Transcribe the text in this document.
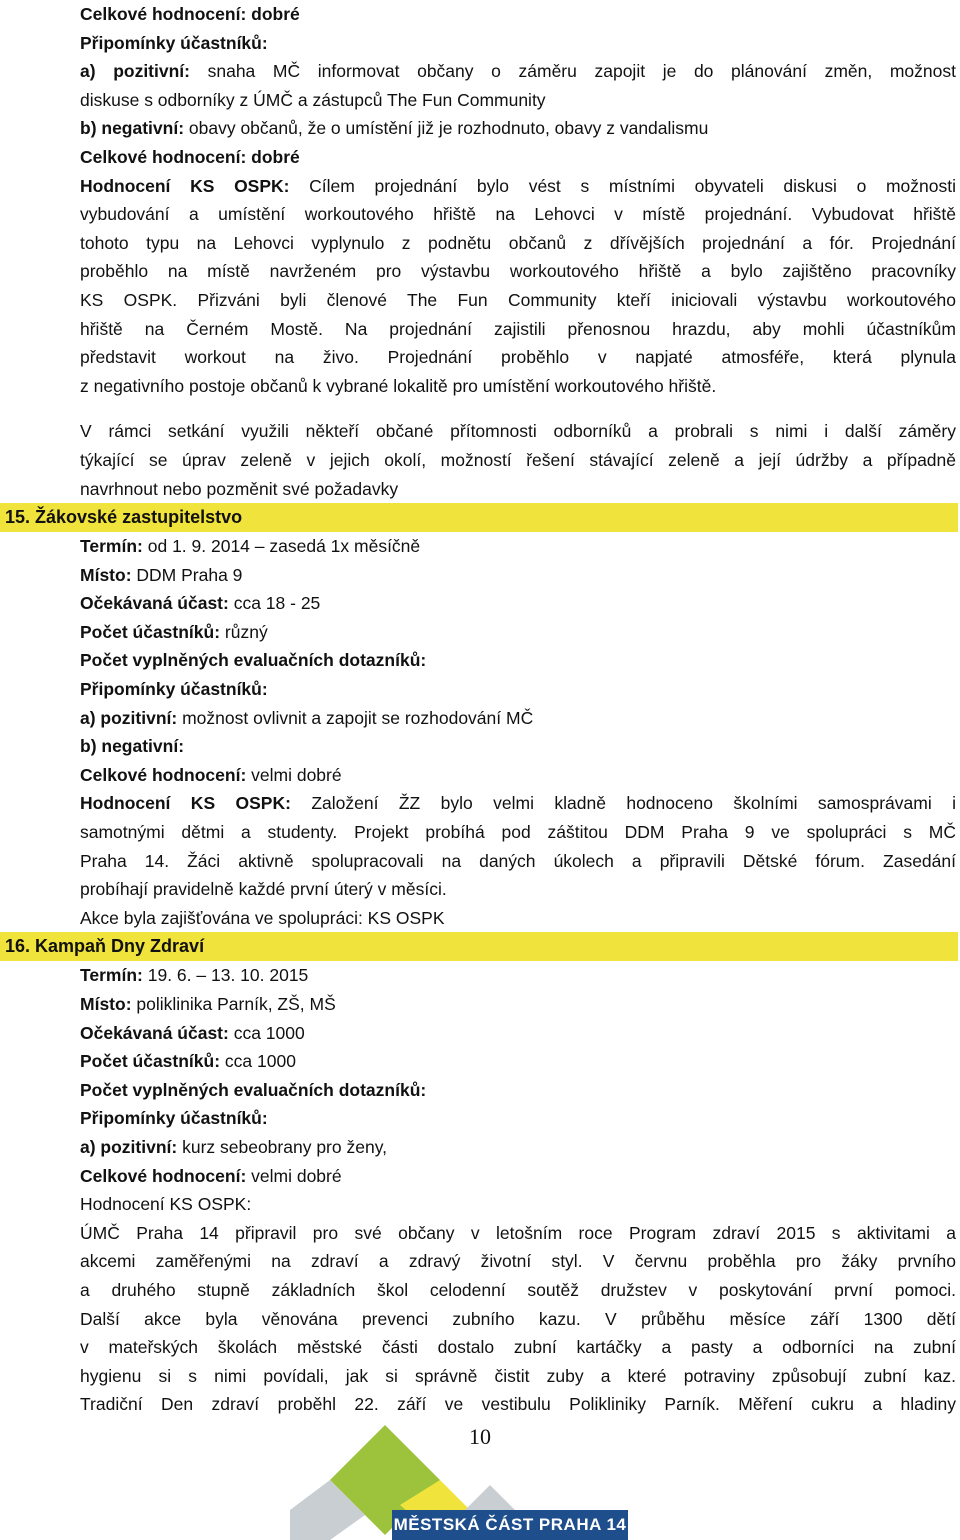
Celkové hodnocení: dobré
Připomínky účastníků:
a) pozitivní: snaha MČ informovat občany o záměru zapojit je do plánování změn, možnost
diskuse s odborníky z ÚMČ a zástupců The Fun Community
b) negativní: obavy občanů, že o umístění již je rozhodnuto, obavy z vandalismu
Celkové hodnocení: dobré
Hodnocení KS OSPK: Cílem projednání bylo vést s místními obyvateli diskusi o možnosti
vybudování a umístění workoutového hřiště na Lehovci v místě projednání. Vybudovat hřiště
tohoto typu na Lehovci vyplynulo z podnětu občanů z dřívějších projednání a fór. Projednání
proběhlo na místě navrženém pro výstavbu workoutového hřiště a bylo zajištěno pracovníky
KS OSPK. Přizváni byli členové The Fun Community kteří iniciovali výstavbu workoutového
hřiště na Černém Mostě. Na projednání zajistili přenosnou hrazdu, aby mohli účastníkům
představit workout na živo. Projednání proběhlo v napjaté atmosféře, která plynula
z negativního postoje občanů k vybrané lokalitě pro umístění workoutového hřiště.
V rámci setkání využili někteří občané přítomnosti odborníků a probrali s nimi i další záměry
týkající se úprav zeleně v jejich okolí, možností řešení stávající zeleně a její údržby a případně
navrhnout nebo pozměnit své požadavky
15. Žákovské zastupitelstvo
Termín: od 1. 9. 2014 – zasedá 1x měsíčně
Místo: DDM Praha 9
Očekávaná účast: cca 18 - 25
Počet účastníků: různý
Počet vyplněných evaluačních dotazníků:
Připomínky účastníků:
a) pozitivní: možnost ovlivnit a zapojit se rozhodování MČ
b) negativní:
Celkové hodnocení: velmi dobré
Hodnocení KS OSPK: Založení ŽZ bylo velmi kladně hodnoceno školními samosprávami i
samotnými dětmi a studenty. Projekt probíhá pod záštitou DDM Praha 9 ve spolupráci s MČ
Praha 14. Žáci aktivně spolupracovali na daných úkolech a připravili Dětské fórum. Zasedání
probíhají pravidelně každé první úterý v měsíci.
Akce byla zajišťována ve spolupráci: KS OSPK
16. Kampaň Dny Zdraví
Termín: 19. 6. – 13. 10. 2015
Místo: poliklinika Parník, ZŠ, MŠ
Očekávaná účast: cca 1000
Počet účastníků: cca 1000
Počet vyplněných evaluačních dotazníků:
Připomínky účastníků:
a) pozitivní: kurz sebeobrany pro ženy,
Celkové hodnocení: velmi dobré
Hodnocení KS OSPK:
ÚMČ Praha 14 připravil pro své občany v letošním roce Program zdraví 2015 s aktivitami a
akcemi zaměřenými na zdraví a zdravý životní styl. V červnu proběhla pro žáky prvního
a druhého stupně základních škol celodenní soutěž družstev v poskytování první pomoci.
Další akce byla věnována prevenci zubního kazu. V průběhu měsíce září 1300 dětí
v mateřských školách městské části dostalo zubní kartáčky a pasty a odborníci na zubní
hygienu si s nimi povídali, jak si správně čistit zuby a které potraviny způsobují zubní kaz.
Tradiční Den zdraví proběhl 22. září ve vestibulu Polikliniky Parník. Měření cukru a hladiny
MĚSTSKÁ ČÁST PRAHA 14
10
